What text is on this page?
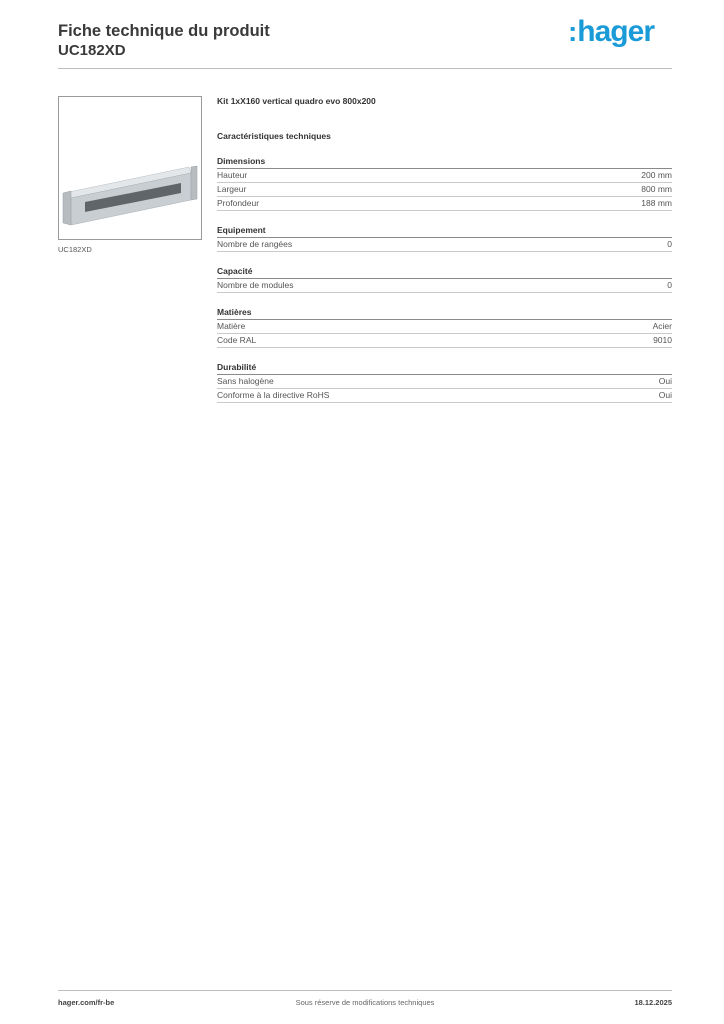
Fiche technique du produit
UC182XD
:hager
UC182XD
Kit 1xX160 vertical quadro evo 800x200
Caractéristiques techniques
Dimensions
Hauteur	200 mm
Largeur	800 mm
Profondeur	188 mm
Equipement
Nombre de rangées	0
Capacité
Nombre de modules	0
Matières
Matière	Acier
Code RAL	9010
Durabilité
Sans halogène	Oui
Conforme à la directive RoHS	Oui
hager.com/fr-be	Sous réserve de modifications techniques	18.12.2025
